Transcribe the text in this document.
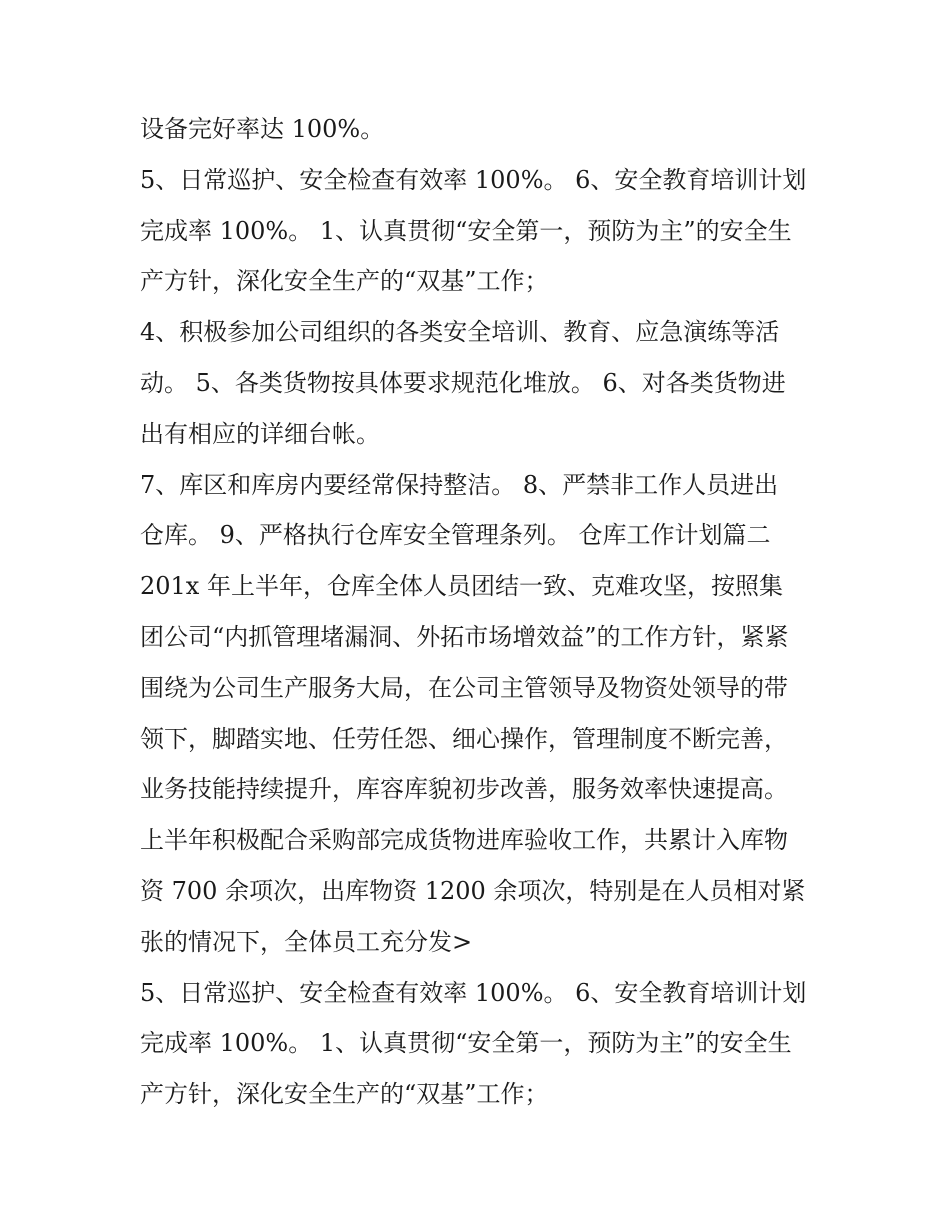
设备完好率达 100%。
5、日常巡护、安全检查有效率 100%。 6、安全教育培训计划
完成率 100%。 1、认真贯彻“安全第一，预防为主”的安全生
产方针，深化安全生产的“双基”工作；
4、积极参加公司组织的各类安全培训、教育、应急演练等活
动。 5、各类货物按具体要求规范化堆放。 6、对各类货物进
出有相应的详细台帐。
7、库区和库房内要经常保持整洁。 8、严禁非工作人员进出
仓库。 9、严格执行仓库安全管理条列。 仓库工作计划篇二
201x 年上半年，仓库全体人员团结一致、克难攻坚，按照集
团公司“内抓管理堵漏洞、外拓市场增效益”的工作方针，紧紧
围绕为公司生产服务大局，在公司主管领导及物资处领导的带
领下，脚踏实地、任劳任怨、细心操作，管理制度不断完善，
业务技能持续提升，库容库貌初步改善，服务效率快速提高。
上半年积极配合采购部完成货物进库验收工作，共累计入库物
资 700 余项次，出库物资 1200 余项次，特别是在人员相对紧
张的情况下，全体员工充分发>
5、日常巡护、安全检查有效率 100%。 6、安全教育培训计划
完成率 100%。 1、认真贯彻“安全第一，预防为主”的安全生
产方针，深化安全生产的“双基”工作；
